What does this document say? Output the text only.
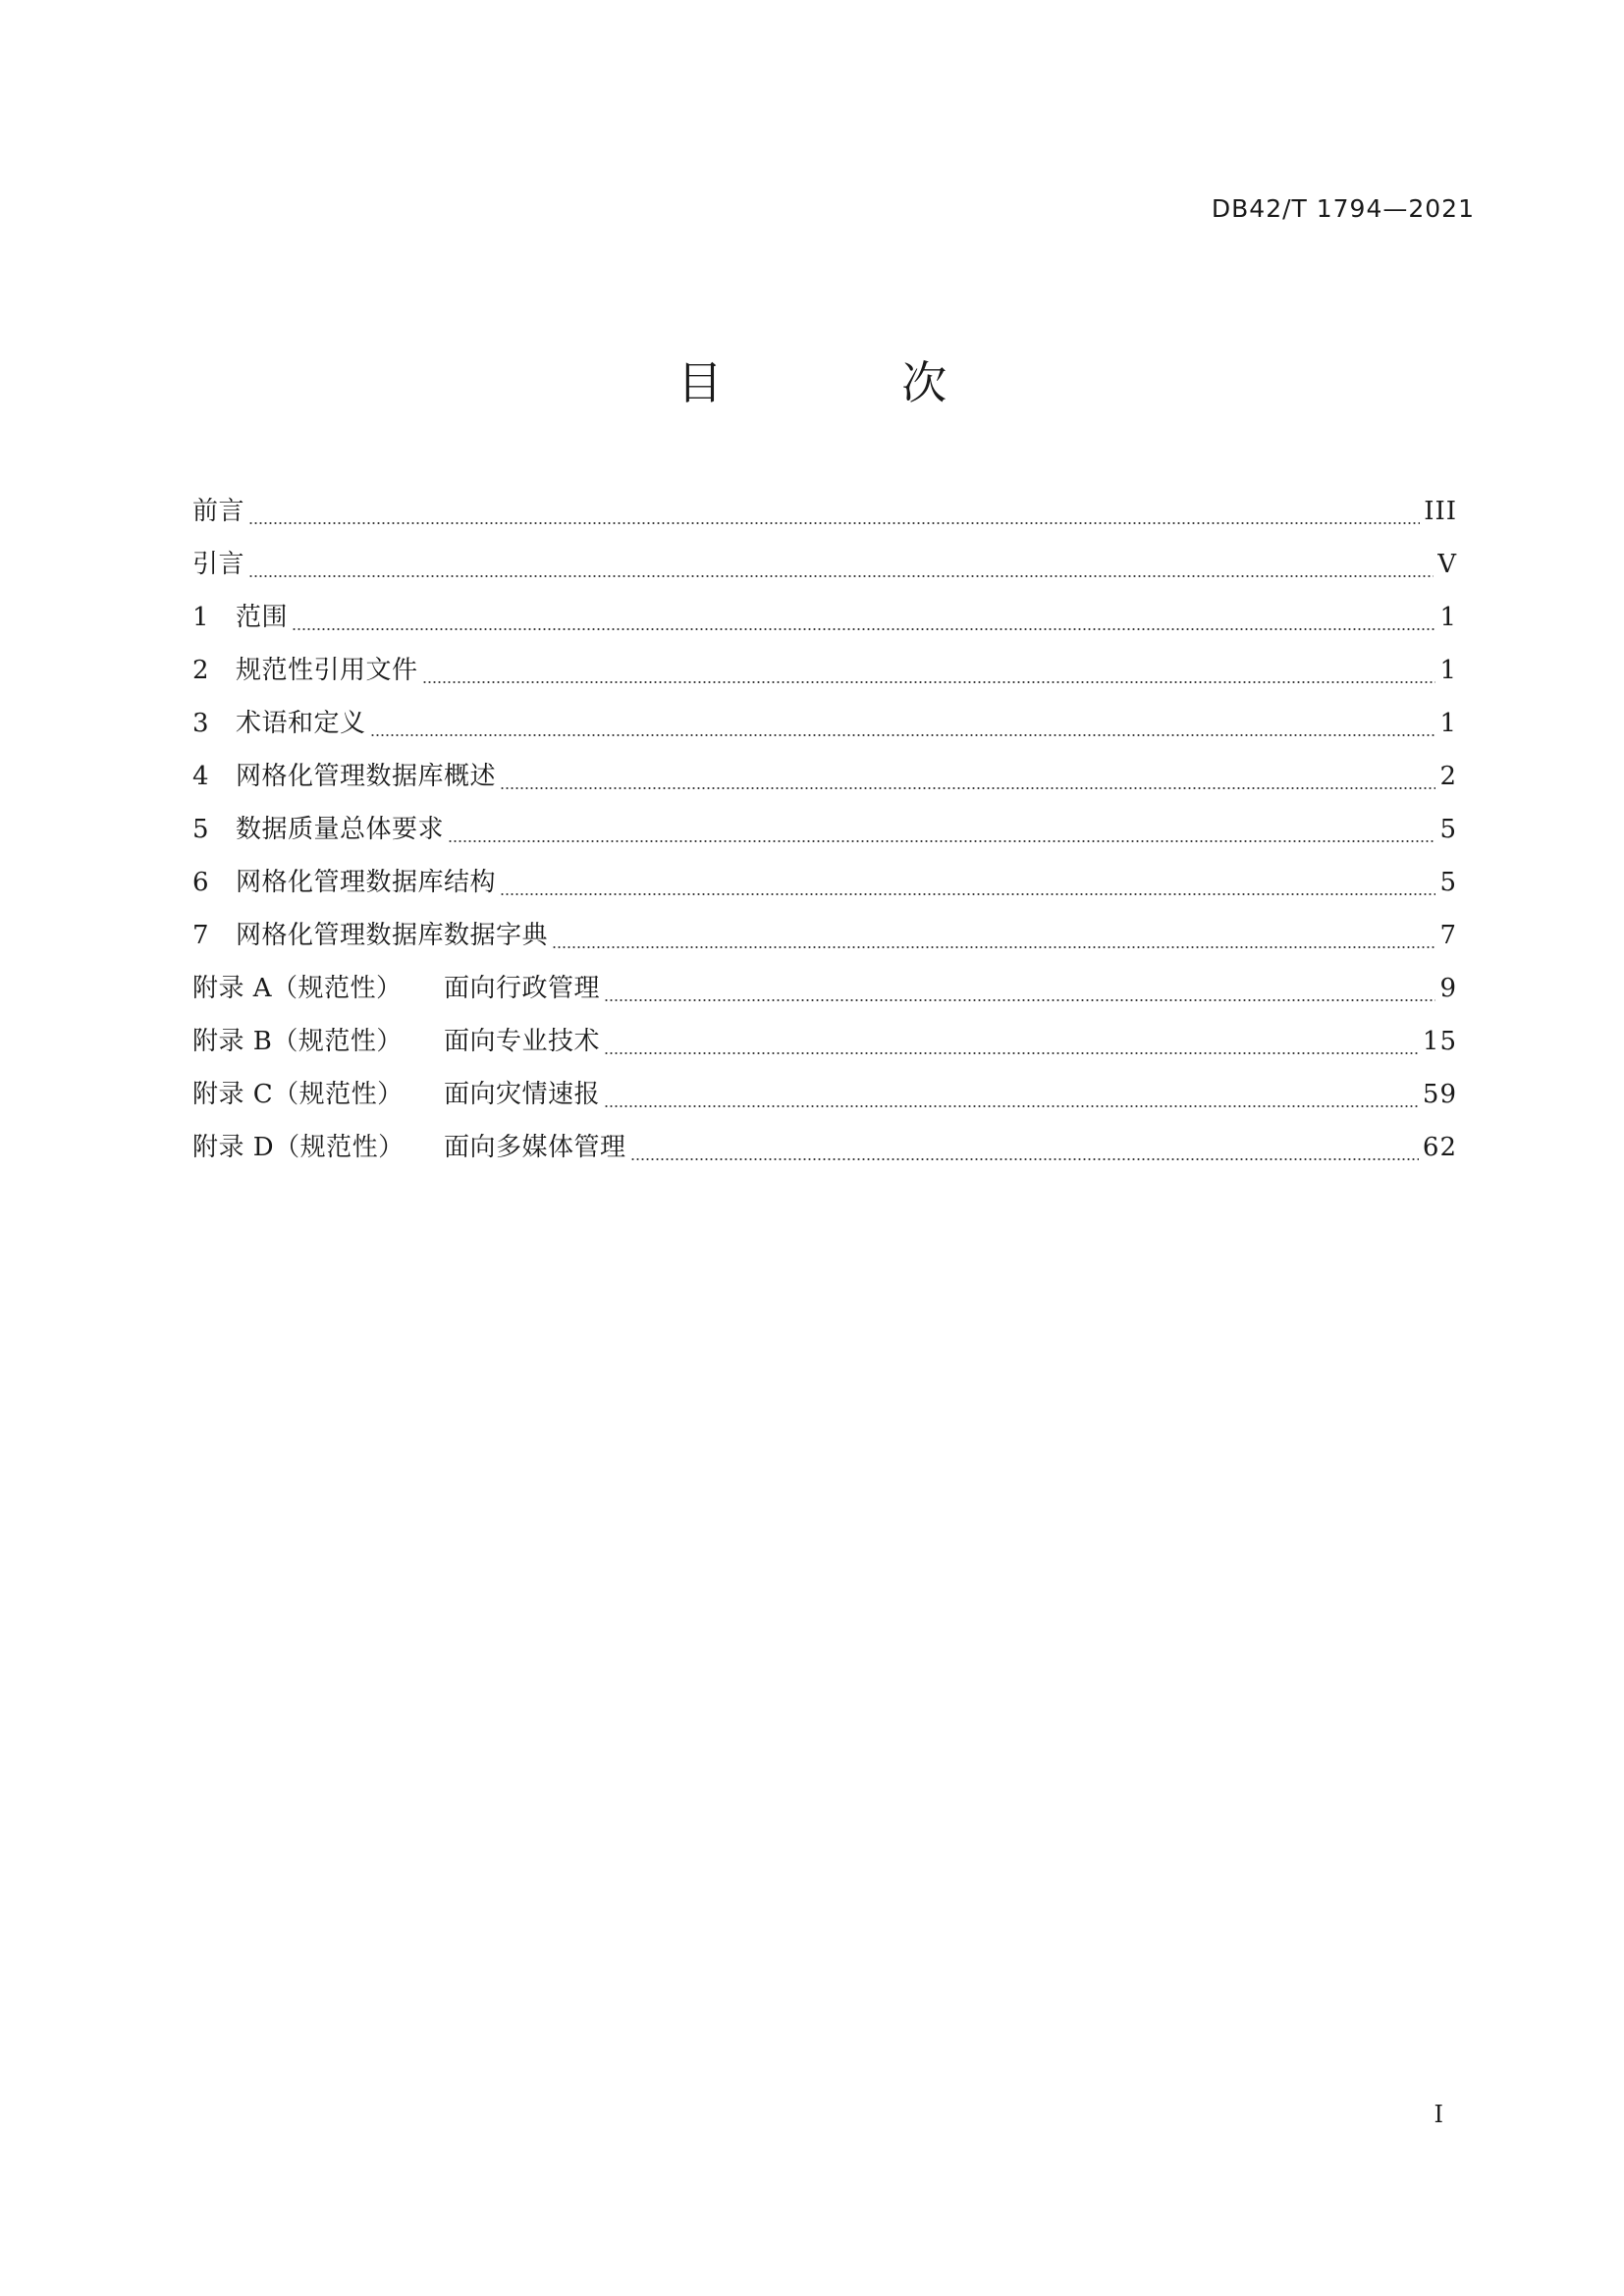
DB42/T 1794—2021
目 次
前言	III
引言	V
1	范围	1
2	规范性引用文件	1
3	术语和定义	1
4	网格化管理数据库概述	2
5	数据质量总体要求	5
6	网格化管理数据库结构	5
7	网格化管理数据库数据字典	7
附录 A（规范性）	面向行政管理	9
附录 B（规范性）	面向专业技术	15
附录 C（规范性）	面向灾情速报	59
附录 D（规范性）	面向多媒体管理	62
I
